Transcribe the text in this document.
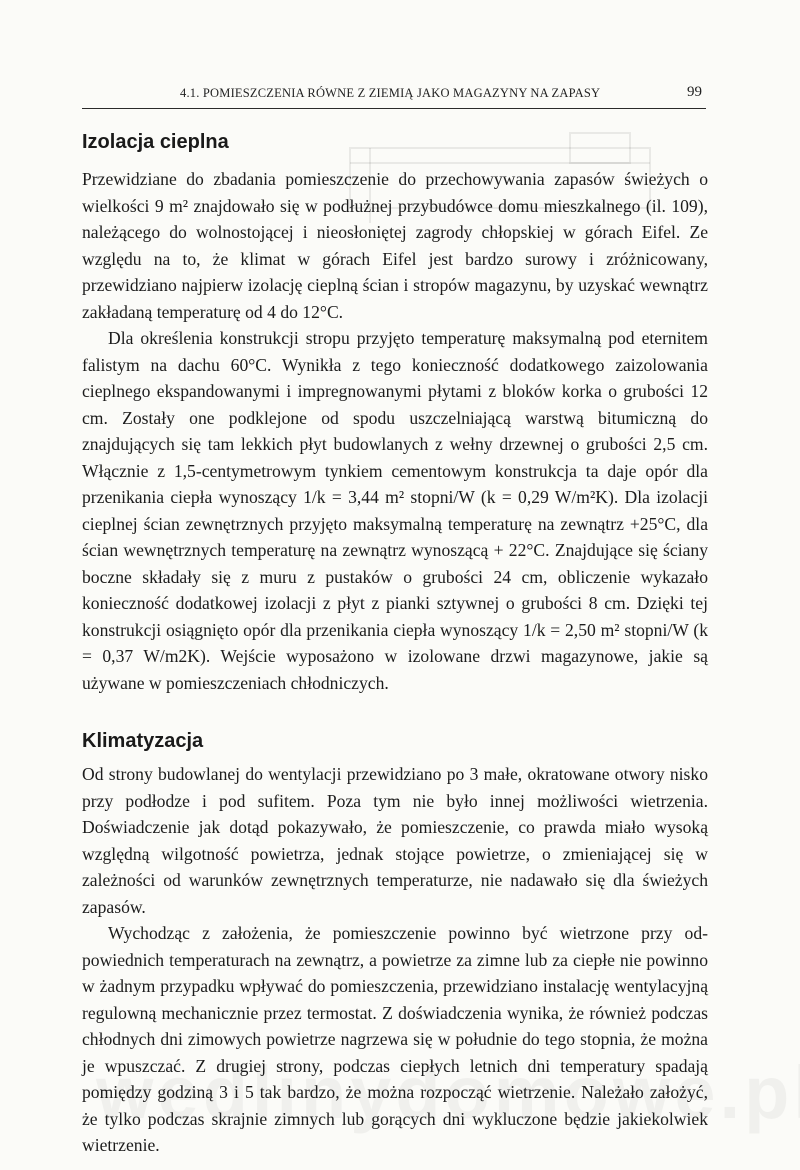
4.1. POMIESZCZENIA RÓWNE Z ZIEMIĄ JAKO MAGAZYNY NA ZAPASY	99
Izolacja cieplna

Przewidziane do zbadania pomieszczenie do przechowywania zapasów świeżych o wielkości 9 m² znajdowało się w podłużnej przybudówce domu mieszkalnego (il. 109), należącego do wolnostojącej i nieosłoniętej zagrody chłopskiej w górach Eifel. Ze względu na to, że klimat w górach Eifel jest bardzo surowy i zróżnicowany, przewidziano najpierw izolację cieplną ścian i stropów magazynu, by uzyskać wewnątrz zakładaną temperaturę od 4 do 12°C.

Dla określenia konstrukcji stropu przyjęto temperaturę maksymalną pod eternitem falistym na dachu 60°C. Wynikła z tego konieczność dodatkowego zaizolowania cieplnego ekspandowanymi i impregnowanymi płytami z bloków korka o grubości 12 cm. Zostały one podklejone od spodu uszczelniającą warstwą bitumiczną do znajdujących się tam lekkich płyt budowlanych z wełny drzewnej o grubości 2,5 cm. Włącznie z 1,5-centymetrowym tynkiem cementowym konstrukcja ta daje opór dla przenikania ciepła wynoszący 1/k = 3,44 m² stopni/W (k = 0,29 W/m²K). Dla izolacji cieplnej ścian zewnętrznych przyjęto maksymalną temperaturę na zewnątrz +25°C, dla ścian wewnętrznych temperaturę na zewnątrz wynoszącą + 22°C. Znajdujące się ściany boczne składały się z muru z pustaków o grubości 24 cm, obliczenie wykazało konieczność dodatkowej izolacji z płyt z pianki sztywnej o grubości 8 cm. Dzięki tej konstrukcji osiągnięto opór dla przenikania ciepła wynoszący 1/k = 2,50 m² stopni/W (k = 0,37 W/m2K). Wejście wyposażono w izolowane drzwi magazynowe, jakie są używane w pomieszczeniach chłodniczych.

Klimatyzacja

Od strony budowlanej do wentylacji przewidziano po 3 małe, okratowane otwory nisko przy podłodze i pod sufitem. Poza tym nie było innej możliwości wietrzenia. Doświadczenie jak dotąd pokazywało, że pomieszczenie, co prawda miało wysoką względną wilgotność powietrza, jednak stojące powietrze, o zmieniającej się w zależności od warunków zewnętrznych temperaturze, nie nadawało się dla świeżych zapasów.

Wychodząc z założenia, że pomieszczenie powinno być wietrzone przy odpowiednich temperaturach na zewnątrz, a powietrze za zimne lub za ciepłe nie powinno w żadnym przypadku wpływać do pomieszczenia, przewidziano instalację wentylacyjną regulowną mechanicznie przez termostat. Z doświadczenia wynika, że również podczas chłodnych dni zimowych powietrze nagrzewa się w południe do tego stopnia, że można je wpuszczać. Z drugiej strony, podczas ciepłych letnich dni temperatury spadają pomiędzy godziną 3 i 5 tak bardzo, że można rozpocząć wietrzenie. Należało założyć, że tylko podczas skrajnie zimnych lub gorących dni wykluczone będzie jakiekolwiek wietrzenie.
